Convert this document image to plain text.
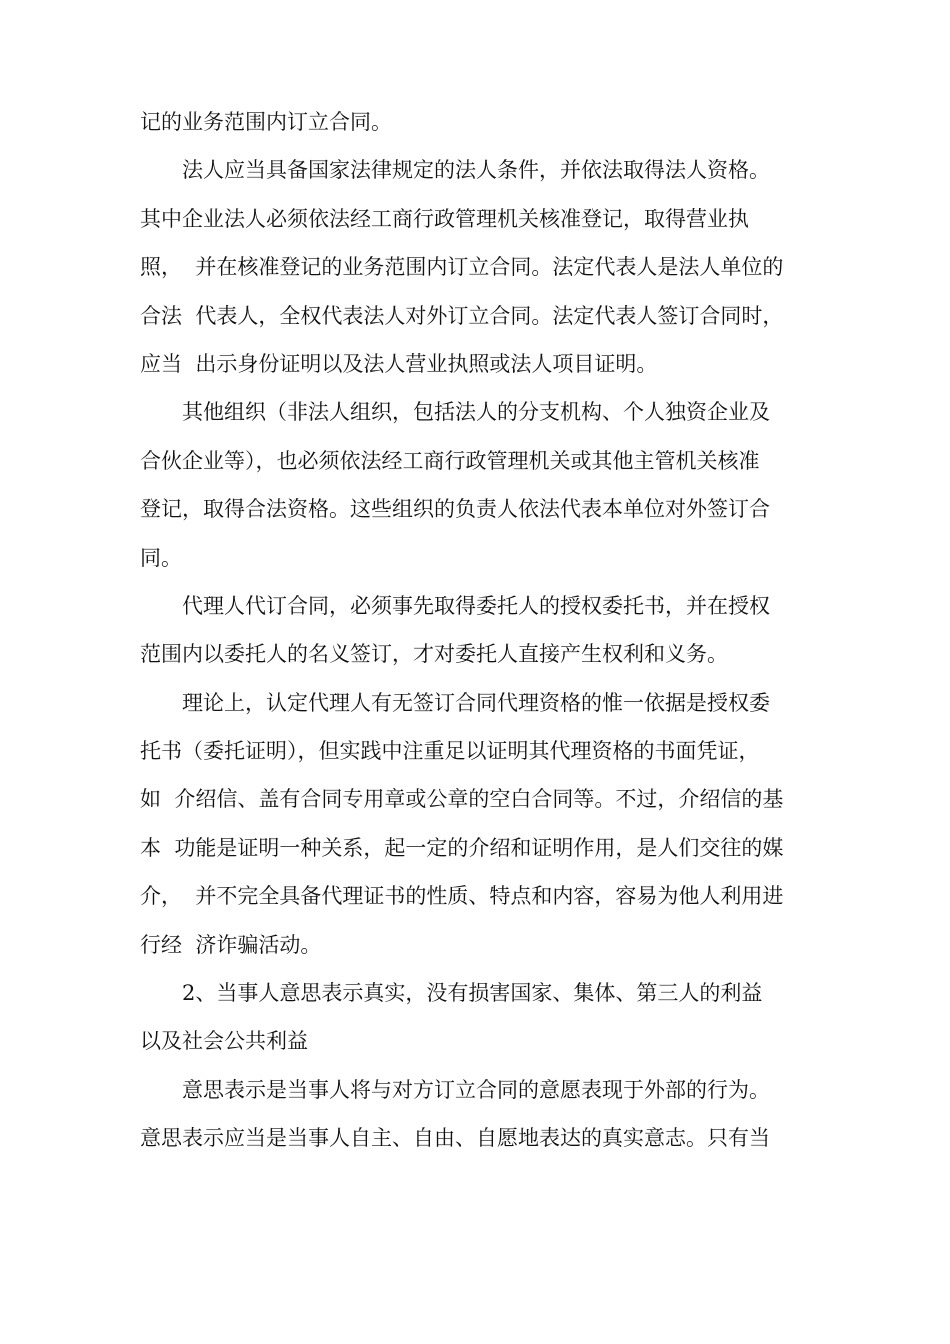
记的业务范围内订立合同。
法人应当具备国家法律规定的法人条件，并依法取得法人资格。
其中企业法人必须依法经工商行政管理机关核准登记，取得营业执
照，  并在核准登记的业务范围内订立合同。法定代表人是法人单位的
合法  代表人，全权代表法人对外订立合同。法定代表人签订合同时，
应当  出示身份证明以及法人营业执照或法人项目证明。
其他组织（非法人组织，包括法人的分支机构、个人独资企业及
合伙企业等），也必须依法经工商行政管理机关或其他主管机关核准
登记，取得合法资格。这些组织的负责人依法代表本单位对外签订合
同。
代理人代订合同，必须事先取得委托人的授权委托书，并在授权
范围内以委托人的名义签订，才对委托人直接产生权利和义务。
理论上，认定代理人有无签订合同代理资格的惟一依据是授权委
托书（委托证明），但实践中注重足以证明其代理资格的书面凭证，
如  介绍信、盖有合同专用章或公章的空白合同等。不过，介绍信的基
本  功能是证明一种关系，起一定的介绍和证明作用，是人们交往的媒
介，  并不完全具备代理证书的性质、特点和内容，容易为他人利用进
行经  济诈骗活动。
2、当事人意思表示真实，没有损害国家、集体、第三人的利益
以及社会公共利益
意思表示是当事人将与对方订立合同的意愿表现于外部的行为。
意思表示应当是当事人自主、自由、自愿地表达的真实意志。只有当
